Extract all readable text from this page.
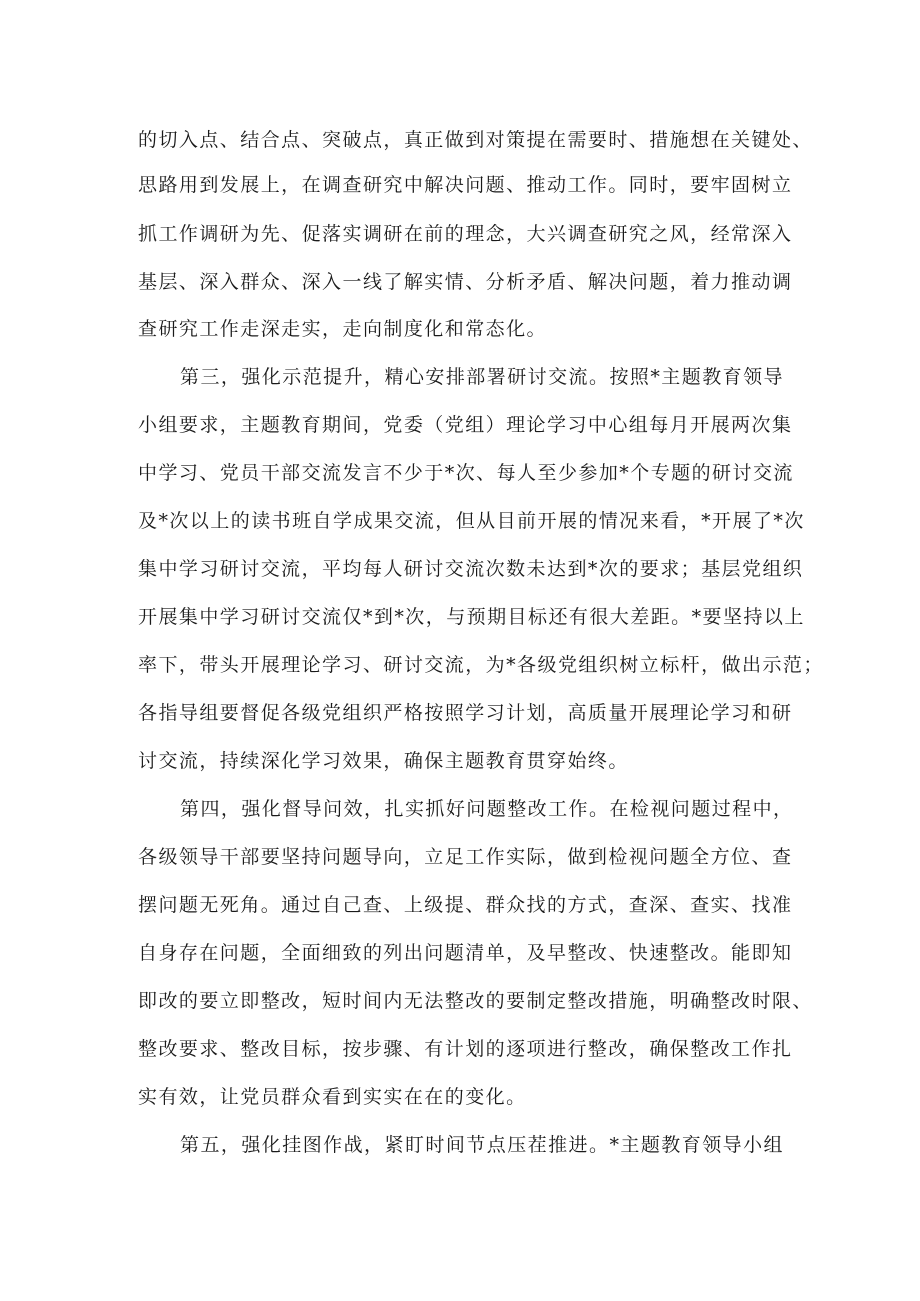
的切入点、结合点、突破点，真正做到对策提在需要时、措施想在关键处、
思路用到发展上，在调查研究中解决问题、推动工作。同时，要牢固树立
抓工作调研为先、促落实调研在前的理念，大兴调查研究之风，经常深入
基层、深入群众、深入一线了解实情、分析矛盾、解决问题，着力推动调
查研究工作走深走实，走向制度化和常态化。
第三，强化示范提升，精心安排部署研讨交流。按照*主题教育领导
小组要求，主题教育期间，党委（党组）理论学习中心组每月开展两次集
中学习、党员干部交流发言不少于*次、每人至少参加*个专题的研讨交流
及*次以上的读书班自学成果交流，但从目前开展的情况来看，*开展了*次
集中学习研讨交流，平均每人研讨交流次数未达到*次的要求；基层党组织
开展集中学习研讨交流仅*到*次，与预期目标还有很大差距。*要坚持以上
率下，带头开展理论学习、研讨交流，为*各级党组织树立标杆，做出示范；
各指导组要督促各级党组织严格按照学习计划，高质量开展理论学习和研
讨交流，持续深化学习效果，确保主题教育贯穿始终。
第四，强化督导问效，扎实抓好问题整改工作。在检视问题过程中，
各级领导干部要坚持问题导向，立足工作实际，做到检视问题全方位、查
摆问题无死角。通过自己查、上级提、群众找的方式，查深、查实、找准
自身存在问题，全面细致的列出问题清单，及早整改、快速整改。能即知
即改的要立即整改，短时间内无法整改的要制定整改措施，明确整改时限、
整改要求、整改目标，按步骤、有计划的逐项进行整改，确保整改工作扎
实有效，让党员群众看到实实在在的变化。
第五，强化挂图作战，紧盯时间节点压茬推进。*主题教育领导小组
